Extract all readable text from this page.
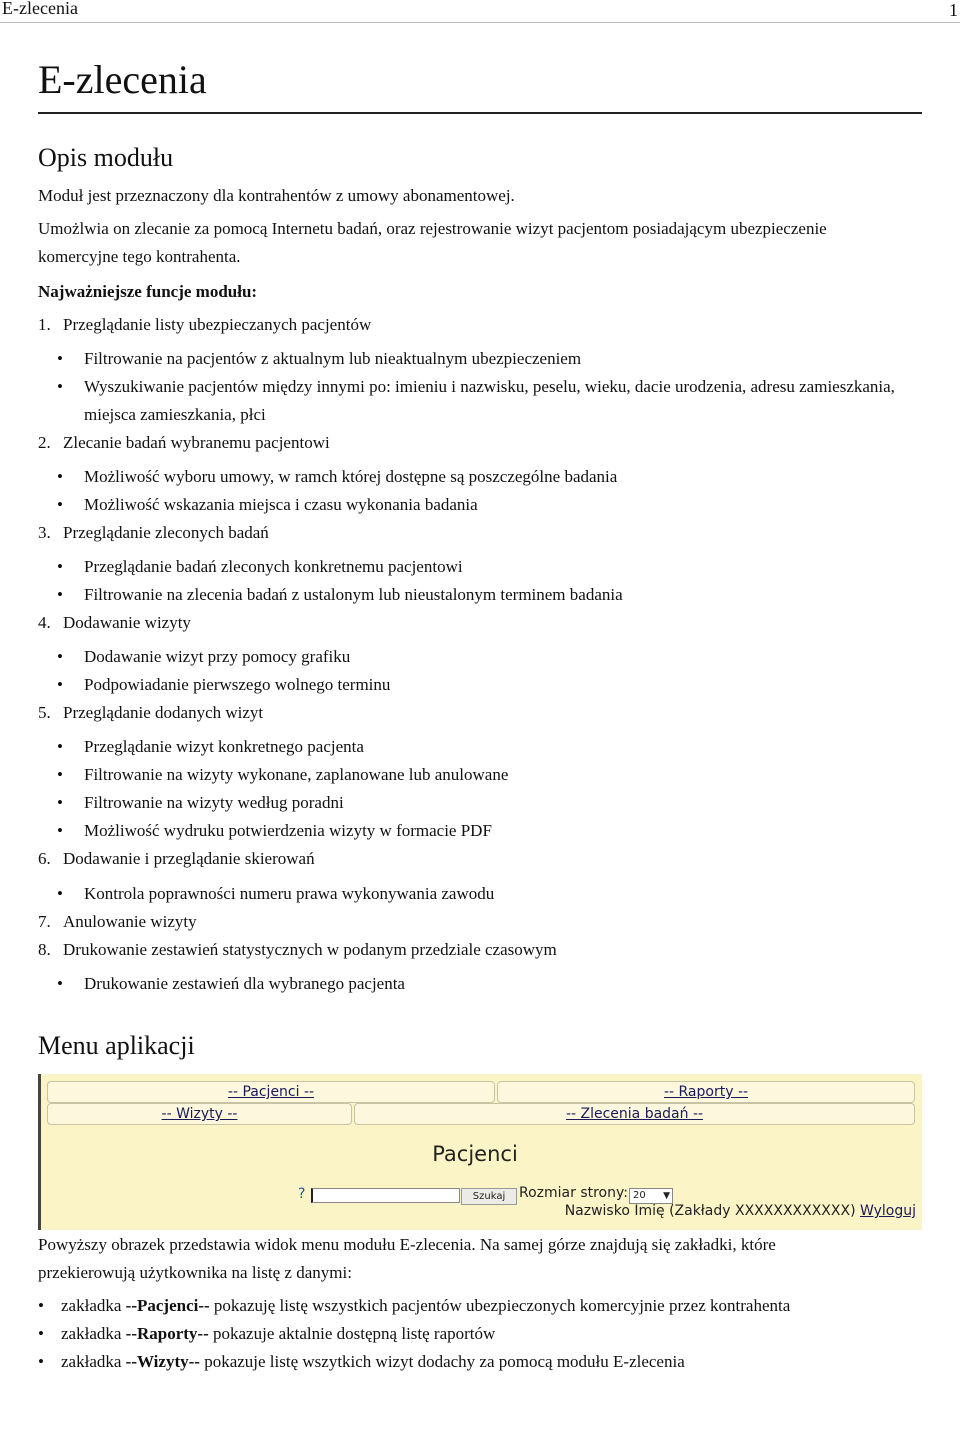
E-zlecenia	1
E-zlecenia
Opis modułu

Moduł jest przeznaczony dla kontrahentów z umowy abonamentowej.

Umożlwia on zlecanie za pomocą Internetu badań, oraz rejestrowanie wizyt pacjentom posiadającym ubezpieczenie

komercyjne tego kontrahenta.

Najważniejsze funcje modułu:

1. Przeglądanie listy ubezpieczanych pacjentów
• Filtrowanie na pacjentów z aktualnym lub nieaktualnym ubezpieczeniem
• Wyszukiwanie pacjentów między innymi po: imieniu i nazwisku, peselu, wieku, dacie urodzenia, adresu zamieszkania, miejsca zamieszkania, płci
2. Zlecanie badań wybranemu pacjentowi
• Możliwość wyboru umowy, w ramch której dostępne są poszczególne badania
• Możliwość wskazania miejsca i czasu wykonania badania
3. Przeglądanie zleconych badań
• Przeglądanie badań zleconych konkretnemu pacjentowi
• Filtrowanie na zlecenia badań z ustalonym lub nieustalonym terminem badania
4. Dodawanie wizyty
• Dodawanie wizyt przy pomocy grafiku
• Podpowiadanie pierwszego wolnego terminu
5. Przeglądanie dodanych wizyt
• Przeglądanie wizyt konkretnego pacjenta
• Filtrowanie na wizyty wykonane, zaplanowane lub anulowane
• Filtrowanie na wizyty według poradni
• Możliwość wydruku potwierdzenia wizyty w formacie PDF
6. Dodawanie i przeglądanie skierowań
• Kontrola poprawności numeru prawa wykonywania zawodu
7. Anulowanie wizyty
8. Drukowanie zestawień statystycznych w podanym przedziale czasowym
• Drukowanie zestawień dla wybranego pacjenta
Menu aplikacji

Powyższy obrazek przedstawia widok menu modułu E-zlecenia. Na samej górze znajdują się zakładki, które

przekierowują użytkownika na listę z danymi:

• zakładka --Pacjenci-- pokazuję listę wszystkich pacjentów ubezpieczonych komercyjnie przez kontrahenta
• zakładka --Raporty-- pokazuje aktalnie dostępną listę raportów
• zakładka --Wizyty-- pokazuje listę wszytkich wizyt dodachy za pomocą modułu E-zlecenia
-- Pacjenci --	-- Raporty --
-- Wizyty --	-- Zlecenia badań --
Pacjenci
?	Szukaj Rozmiar strony: 20 ▼
Nazwisko Imię (Zakłady XXXXXXXXXXXX) Wyloguj
